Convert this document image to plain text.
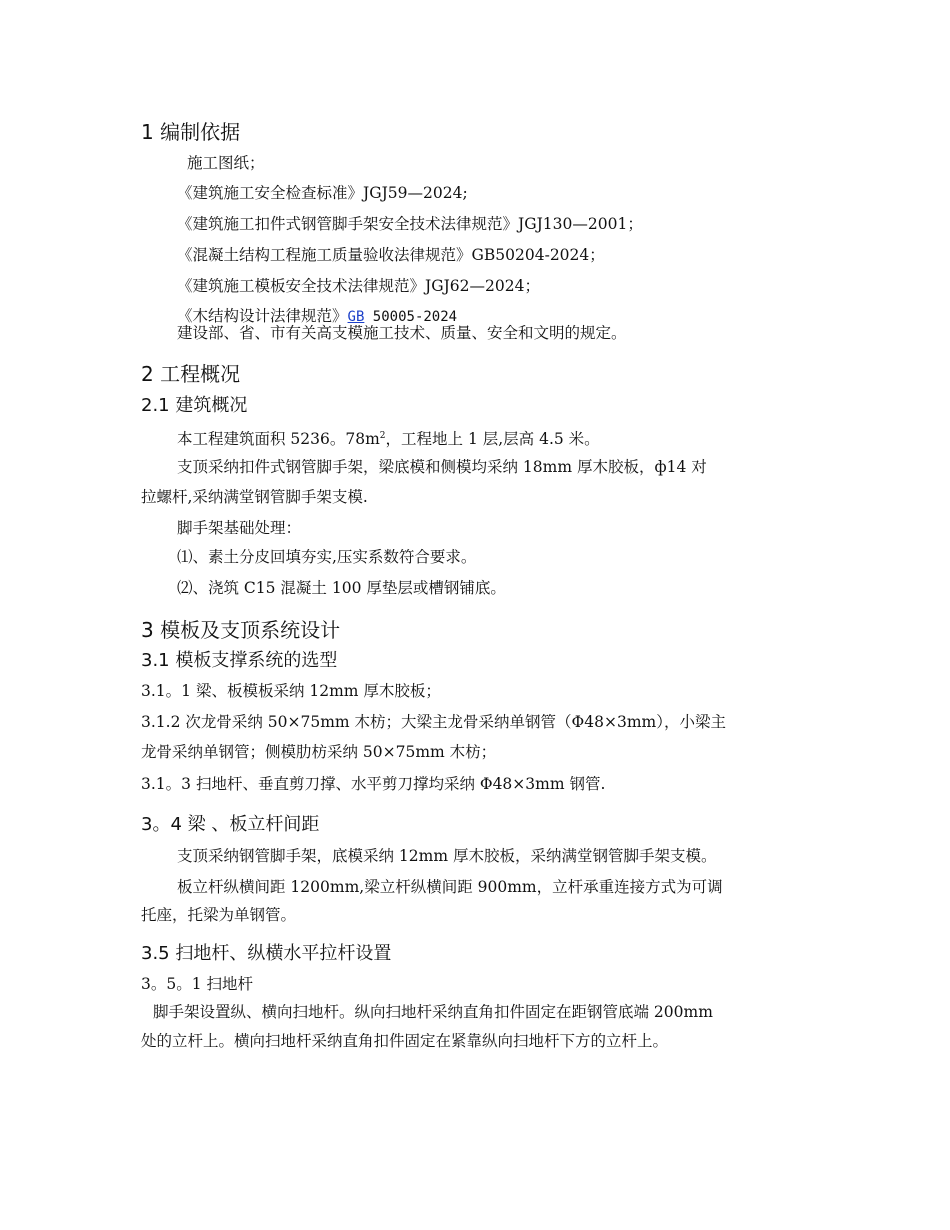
1 编制依据
施工图纸；
《建筑施工安全检查标准》JGJ59—2024;
《建筑施工扣件式钢管脚手架安全技术法律规范》JGJ130—2001；
《混凝土结构工程施工质量验收法律规范》GB50204-2024；
《建筑施工模板安全技术法律规范》JGJ62—2024；
《木结构设计法律规范》GB 50005-2024
建设部、省、市有关高支模施工技术、质量、安全和文明的规定。
2 工程概况
2.1 建筑概况
本工程建筑面积 5236。$78m^2$，工程地上 1 层,层高 4.5 米。
支顶采纳扣件式钢管脚手架，梁底模和侧模均采纳 18mm 厚木胶板，ф14 对
拉螺杆,采纳满堂钢管脚手架支模.
脚手架基础处理：
⑴、素土分皮回填夯实,压实系数符合要求。
⑵、浇筑 C15 混凝土 100 厚垫层或槽钢铺底。
3 模板及支顶系统设计
3.1 模板支撑系统的选型
3.1。1 梁、板模板采纳 12mm 厚木胶板；
3.1.2 次龙骨采纳 50×75mm 木枋；大梁主龙骨采纳单钢管（Φ48×3mm），小梁主
龙骨采纳单钢管；侧模肋枋采纳 50×75mm 木枋；
3.1。3 扫地杆、垂直剪刀撑、水平剪刀撑均采纳 Φ48×3mm 钢管.
3。4 梁 、板立杆间距
支顶采纳钢管脚手架，底模采纳 12mm 厚木胶板，采纳满堂钢管脚手架支模。
板立杆纵横间距 1200mm,梁立杆纵横间距 900mm，立杆承重连接方式为可调
托座，托梁为单钢管。
3.5 扫地杆、纵横水平拉杆设置
3。5。1 扫地杆
脚手架设置纵、横向扫地杆。纵向扫地杆采纳直角扣件固定在距钢管底端 200mm
处的立杆上。横向扫地杆采纳直角扣件固定在紧靠纵向扫地杆下方的立杆上。
